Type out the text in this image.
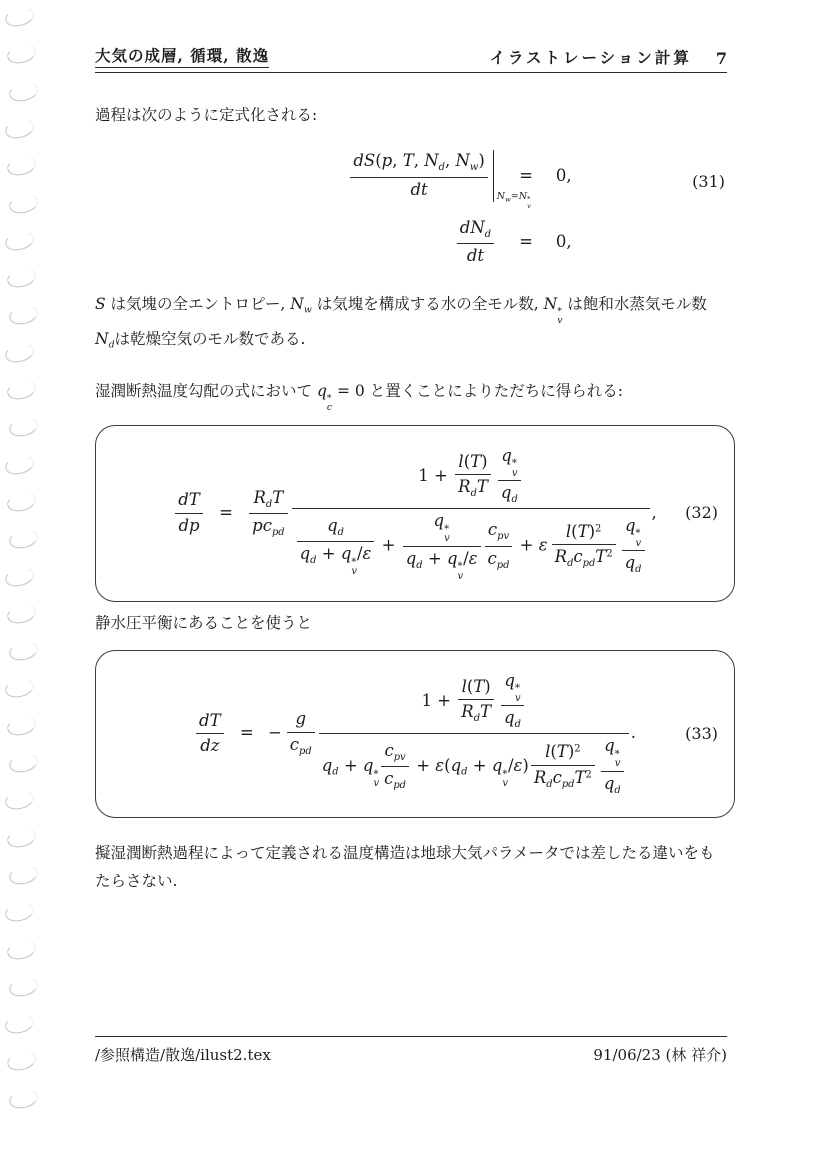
大気の成層, 循環, 散逸	イラストレーション計算 7

過程は次のように定式化される:

$\frac{dS(p, T, N_d, N_w)}{dt} N_w=N$ *
v
= 0,
$\frac{dN_d}{dt} = 0$,
(31)

S は気塊の全エントロピー, $N_w$ は気塊を構成する水の全モル数, N *
v
は飽和水蒸気モル数 $N_d$は乾燥空気のモル数である.

湿潤断熱温度勾配の式において q *
c
= 0 と置くことによりただちに得られる:

$\frac{dT}{dp} = \frac{R_dT}{pc_{pd}} 1 + \frac{l(T)}{R_dT}$ q *
v
$q_d$
$q_d$
$q_d + q$ *
v
/ε + q *
v
$q_d + q$ *
v
$/\varepsilon \frac{c_{pv}}{c_{pd}} + \varepsilon \frac{l(T)^2}{R_dc_{pd}T^2}$ q *
v
$q_d$ , (32)

静水圧平衡にあることを使うと

$\frac{dT}{dz}$ = − $\frac{g}{c_{pd}} 1 + \frac{l(T)}{R_dT}$ q *
v
$q_d$
$q_d + q$ *
v $\frac{c_{pv}}{c_{pd}} + \varepsilon(q_d + q$ *
v
$/\varepsilon) \frac{l(T)^2}{R_dc_{pd}T^2}$ q *
v
$q_d$ .	(33)

擬湿潤断熱過程によって定義される温度構造は地球大気パラメータでは差したる違いをもたらさない.

/参照構造/散逸/ilust2.tex	91/06/23 (林 祥介)
